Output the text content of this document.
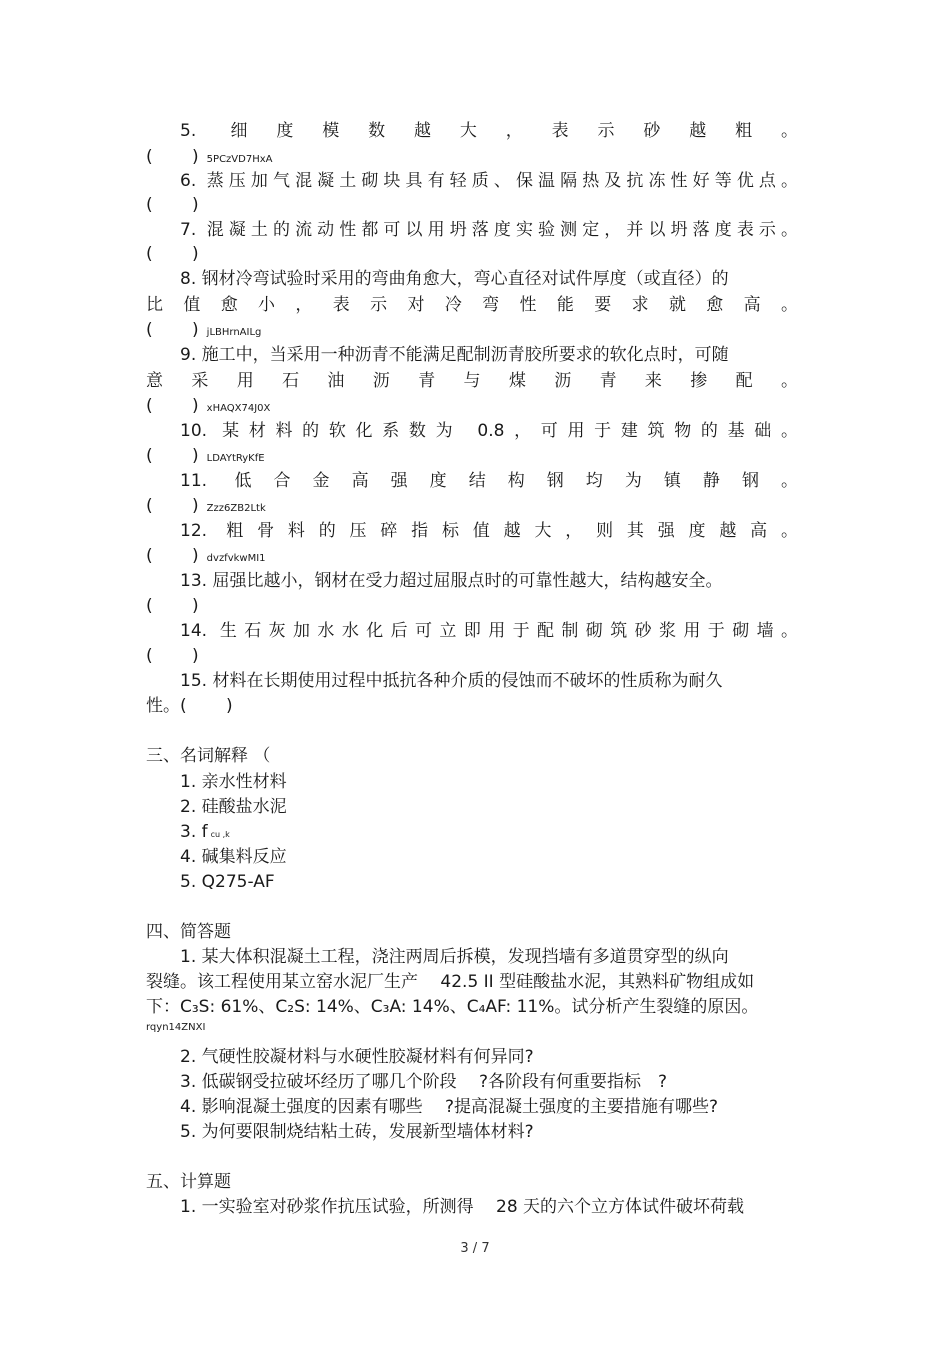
5. 细度模数越大，表示砂越粗。
(　　 ) 5PCzVD7HxA
6. 蒸压加气混凝土砌块具有轻质、保温隔热及抗冻性好等优点。
(　　 )
7. 混凝土的流动性都可以用坍落度实验测定，并以坍落度表示。
(　　 )
8. 钢材冷弯试验时采用的弯曲角愈大，弯心直径对试件厚度（或直径）的
比值愈小，表示对冷弯性能要求就愈高。
(　　 ) jLBHrnAILg
9. 施工中，当采用一种沥青不能满足配制沥青胶所要求的软化点时，可随
意采用石油沥青与煤沥青来掺配。
(　　 ) xHAQX74J0X
10. 某材料的软化系数为 0.8，可用于建筑物的基础。
(　　 ) LDAYtRyKfE
11. 低合金高强度结构钢均为镇静钢。
(　　 ) Zzz6ZB2Ltk
12. 粗骨料的压碎指标值越大，则其强度越高。
(　　 ) dvzfvkwMI1
13. 屈强比越小，钢材在受力超过屈服点时的可靠性越大，结构越安全。
(　　 )
14. 生石灰加水水化后可立即用于配制砌筑砂浆用于砌墙。
(　　 )
15. 材料在长期使用过程中抵抗各种介质的侵蚀而不破坏的性质称为耐久
性。(　　 )
三、名词解释 （
1. 亲水性材料
2. 硅酸盐水泥
3. f cu ,k
4. 碱集料反应
5. Q275-AF
四、简答题
1. 某大体积混凝土工程，浇注两周后拆模，发现挡墙有多道贯穿型的纵向
裂缝。该工程使用某立窑水泥厂生产　 42.5 II 型硅酸盐水泥，其熟料矿物组成如
下：C₃S: 61%、C₂S: 14%、C₃A: 14%、C₄AF: 11%。试分析产生裂缝的原因。
rqyn14ZNXI
2. 气硬性胶凝材料与水硬性胶凝材料有何异同?
3. 低碳钢受拉破坏经历了哪几个阶段　 ?各阶段有何重要指标　?
4. 影响混凝土强度的因素有哪些　 ?提高混凝土强度的主要措施有哪些?
5. 为何要限制烧结粘土砖，发展新型墙体材料?
五、计算题
1. 一实验室对砂浆作抗压试验，所测得　 28 天的六个立方体试件破坏荷载
3 / 7
